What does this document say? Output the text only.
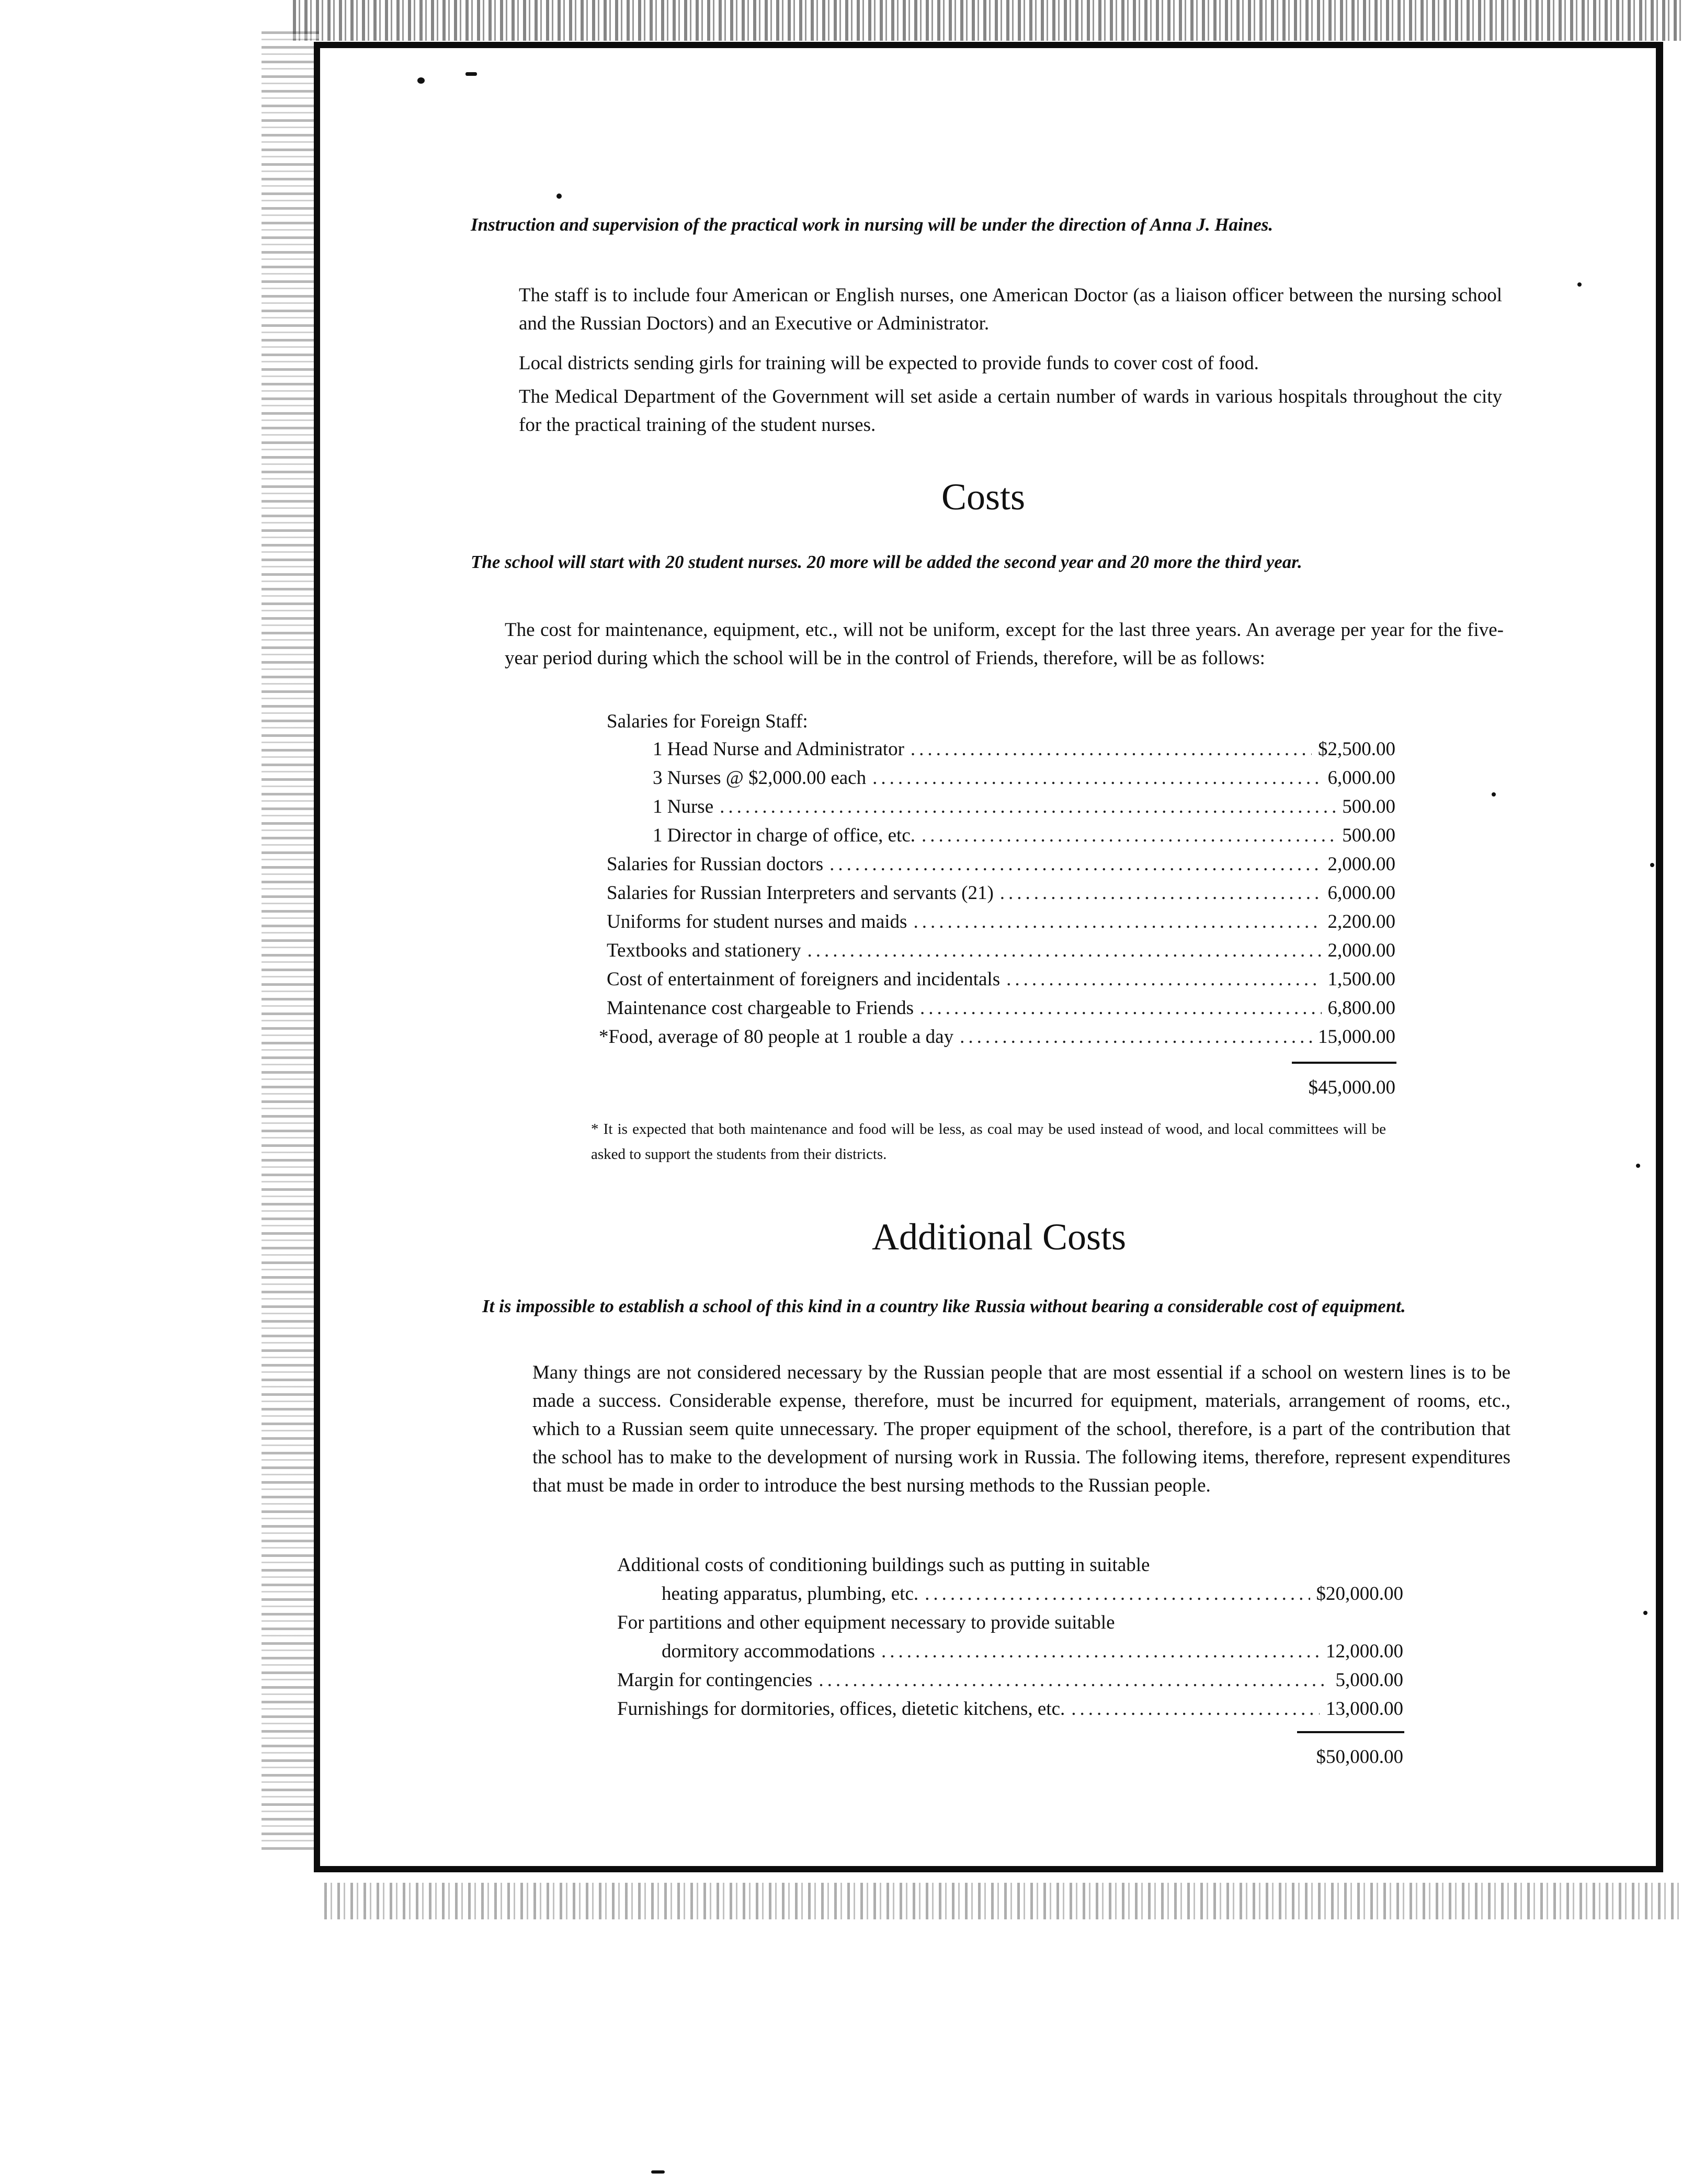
Instruction and supervision of the practical work in nursing will be under the direction of Anna J. Haines.

The staff is to include four American or English nurses, one American Doctor (as a liaison officer between the nursing school and the Russian Doctors) and an Executive or Administrator.

Local districts sending girls for training will be expected to provide funds to cover cost of food.

The Medical Department of the Government will set aside a certain number of wards in various hospitals throughout the city for the practical training of the student nurses.

Costs

The school will start with 20 student nurses. 20 more will be added the second year and 20 more the third year.

The cost for maintenance, equipment, etc., will not be uniform, except for the last three years. An average per year for the five-year period during which the school will be in the control of Friends, therefore, will be as follows:

Salaries for Foreign Staff:
1 Head Nurse and Administrator .....	$2,500.00
3 Nurses @ $2,000.00 each .....	6,000.00
1 Nurse .....	500.00
1 Director in charge of office, etc. .....	500.00
Salaries for Russian doctors .....	2,000.00
Salaries for Russian Interpreters and servants (21) .....	6,000.00
Uniforms for student nurses and maids .....	2,200.00
Textbooks and stationery .....	2,000.00
Cost of entertainment of foreigners and incidentals .....	1,500.00
Maintenance cost chargeable to Friends .....	6,800.00
*Food, average of 80 people at 1 rouble a day .....	15,000.00
$45,000.00

* It is expected that both maintenance and food will be less, as coal may be used instead of wood, and local committees will be asked to support the students from their districts.

Additional Costs

It is impossible to establish a school of this kind in a country like Russia without bearing a considerable cost of equipment.

Many things are not considered necessary by the Russian people that are most essential if a school on western lines is to be made a success. Considerable expense, therefore, must be incurred for equipment, materials, arrangement of rooms, etc., which to a Russian seem quite unnecessary. The proper equipment of the school, therefore, is a part of the contribution that the school has to make to the development of nursing work in Russia. The following items, therefore, represent expenditures that must be made in order to introduce the best nursing methods to the Russian people.

Additional costs of conditioning buildings such as putting in suitable
heating apparatus, plumbing, etc. .....	$20,000.00
For partitions and other equipment necessary to provide suitable
dormitory accommodations .....	12,000.00
Margin for contingencies .....	5,000.00
Furnishings for dormitories, offices, dietetic kitchens, etc. .....	13,000.00
$50,000.00
